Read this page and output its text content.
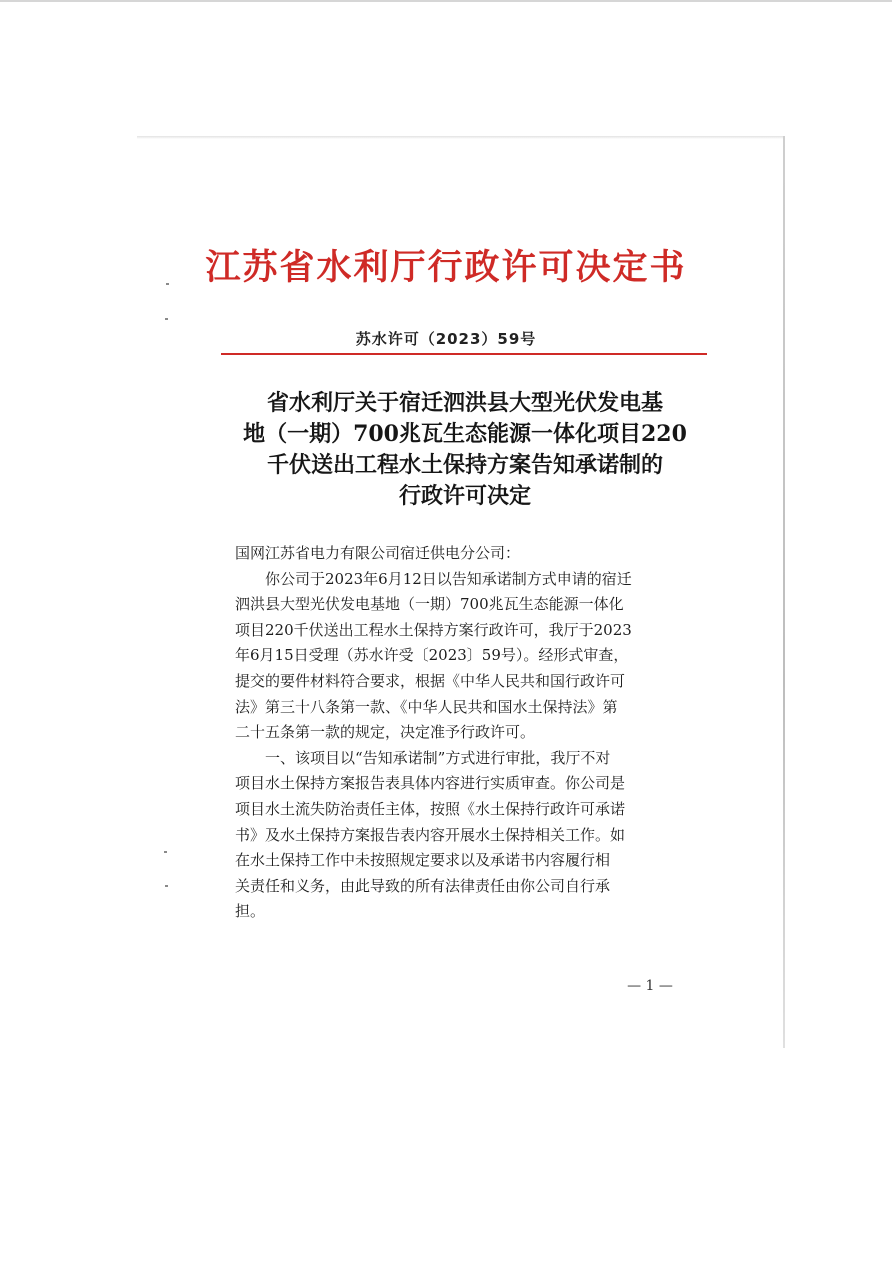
江苏省水利厅行政许可决定书
苏水许可（2023）59号
省水利厅关于宿迁泗洪县大型光伏发电基
地（一期）700兆瓦生态能源一体化项目220
千伏送出工程水土保持方案告知承诺制的
行政许可决定
国网江苏省电力有限公司宿迁供电分公司：
　　你公司于2023年6月12日以告知承诺制方式申请的宿迁
泗洪县大型光伏发电基地（一期）700兆瓦生态能源一体化
项目220千伏送出工程水土保持方案行政许可，我厅于2023
年6月15日受理（苏水许受〔2023〕59号）。经形式审查，
提交的要件材料符合要求，根据《中华人民共和国行政许可
法》第三十八条第一款、《中华人民共和国水土保持法》第
二十五条第一款的规定，决定准予行政许可。
　　一、该项目以“告知承诺制”方式进行审批，我厅不对
项目水土保持方案报告表具体内容进行实质审查。你公司是
项目水土流失防治责任主体，按照《水土保持行政许可承诺
书》及水土保持方案报告表内容开展水土保持相关工作。如
在水土保持工作中未按照规定要求以及承诺书内容履行相
关责任和义务，由此导致的所有法律责任由你公司自行承
担。
— 1 —
